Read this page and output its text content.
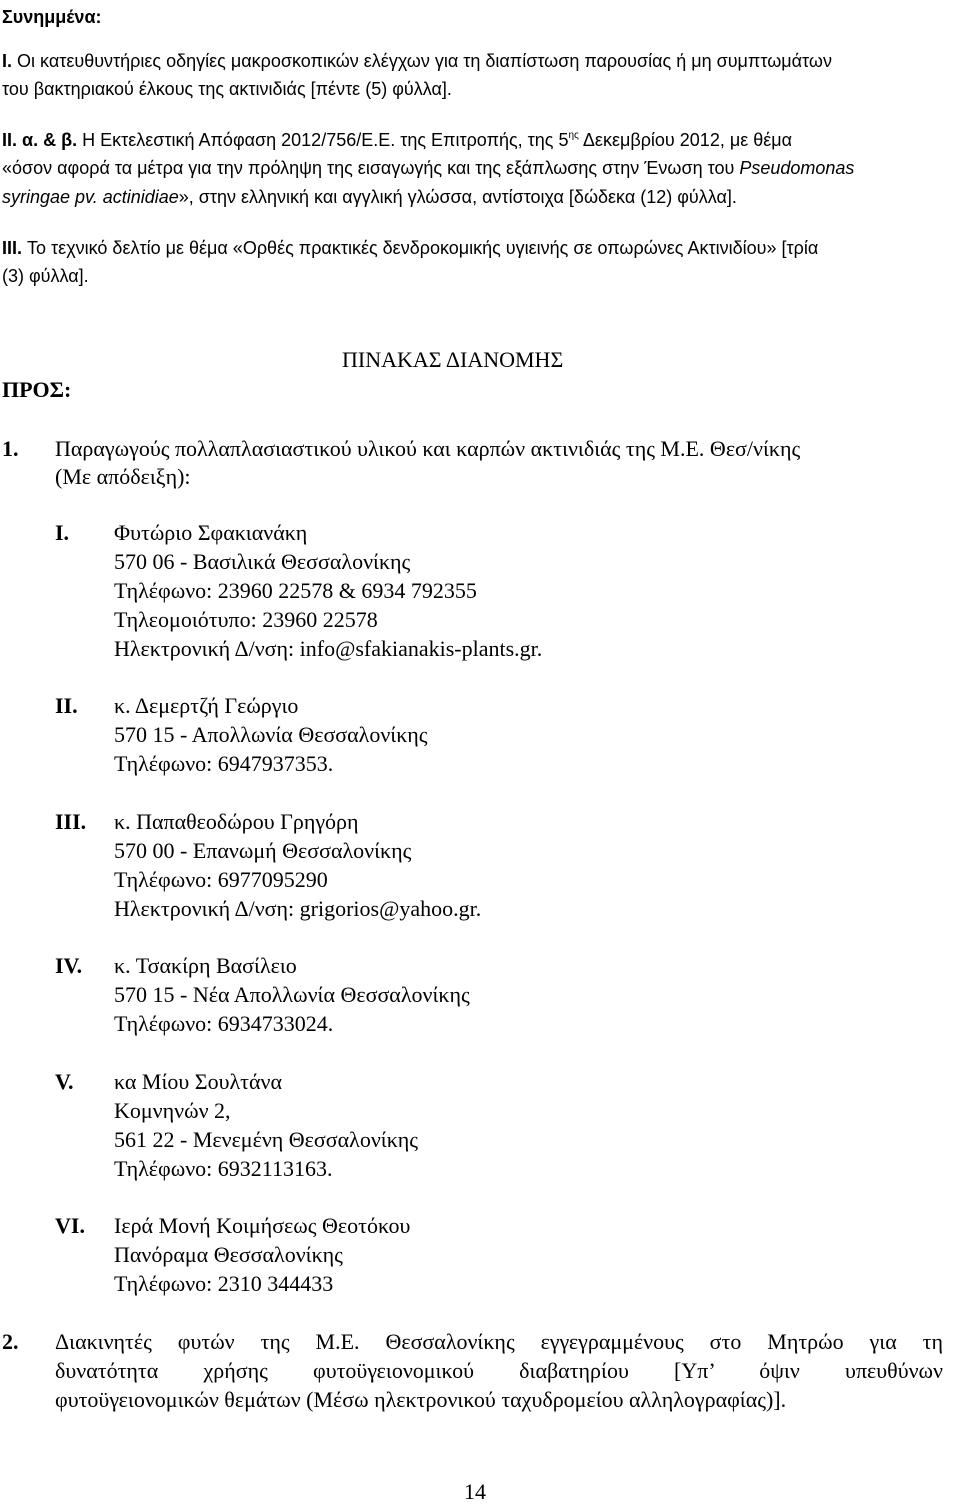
Συνημμένα:
I. Οι κατευθυντήριες οδηγίες μακροσκοπικών ελέγχων για τη διαπίστωση παρουσίας ή μη συμπτωμάτων
του βακτηριακού έλκους της ακτινιδιάς [πέντε (5) φύλλα].
II. α. & β. Η Εκτελεστική Απόφαση 2012/756/Ε.Ε. της Επιτροπής, της $5^{\eta\varsigma}$ Δεκεμβρίου 2012, με θέμα
«όσον αφορά τα μέτρα για την πρόληψη της εισαγωγής και της εξάπλωσης στην Ένωση του Pseudomonas
syringae pv. actinidiae», στην ελληνική και αγγλική γλώσσα, αντίστοιχα [δώδεκα (12) φύλλα].
III. Το τεχνικό δελτίο με θέμα «Ορθές πρακτικές δενδροκομικής υγιεινής σε οπωρώνες Ακτινιδίου» [τρία
(3) φύλλα].
ΠΙΝΑΚΑΣ ΔΙΑΝΟΜΗΣ
ΠΡΟΣ:
1. Παραγωγούς πολλαπλασιαστικού υλικού και καρπών ακτινιδιάς της Μ.Ε. Θεσ/νίκης
(Με απόδειξη):
I. Φυτώριο Σφακιανάκη
570 06 - Βασιλικά Θεσσαλονίκης
Τηλέφωνο: 23960 22578 & 6934 792355
Τηλεομοιότυπο: 23960 22578
Ηλεκτρονική Δ/νση: info@sfakianakis-plants.gr.
II. κ. Δεμερτζή Γεώργιο
570 15 - Απολλωνία Θεσσαλονίκης
Τηλέφωνο: 6947937353.
III. κ. Παπαθεοδώρου Γρηγόρη
570 00 - Επανωμή Θεσσαλονίκης
Τηλέφωνο: 6977095290
Ηλεκτρονική Δ/νση: grigorios@yahoo.gr.
IV. κ. Τσακίρη Βασίλειο
570 15 - Νέα Απολλωνία Θεσσαλονίκης
Τηλέφωνο: 6934733024.
V. κα Μίου Σουλτάνα
Κομνηνών 2,
561 22 - Μενεμένη Θεσσαλονίκης
Τηλέφωνο: 6932113163.
VI. Ιερά Μονή Κοιμήσεως Θεοτόκου
Πανόραμα Θεσσαλονίκης
Τηλέφωνο: 2310 344433
2. Διακινητές φυτών της Μ.Ε. Θεσσαλονίκης εγγεγραμμένους στο Μητρώο για τη
δυνατότητα χρήσης φυτοϋγειονομικού διαβατηρίου [Υπ’ όψιν υπευθύνων
φυτοϋγειονομικών θεμάτων (Μέσω ηλεκτρονικού ταχυδρομείου αλληλογραφίας)].
14
